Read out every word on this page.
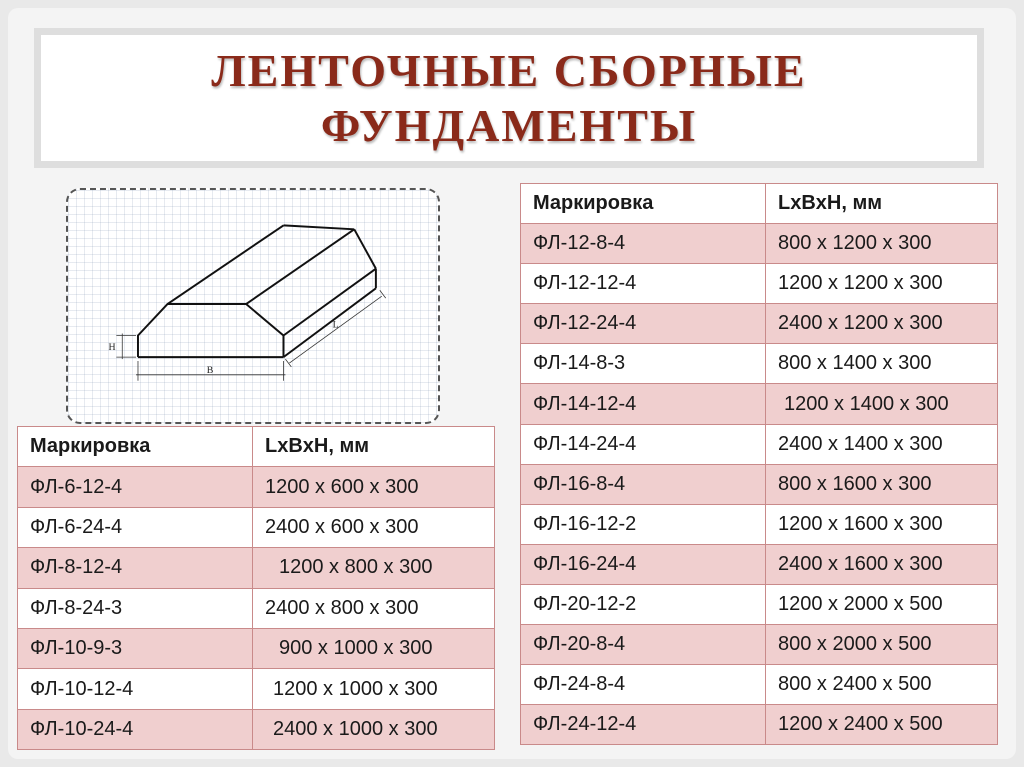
ЛЕНТОЧНЫЕ СБОРНЫЕ
ФУНДАМЕНТЫ
H
B
L
Маркировка	LxBxH, мм
ФЛ-6-12-4	1200 х 600 х 300
ФЛ-6-24-4	2400 х 600 х 300
ФЛ-8-12-4	1200 х 800 х 300
ФЛ-8-24-3	2400 х 800 х 300
ФЛ-10-9-3	900 х 1000 х 300
ФЛ-10-12-4	1200 х 1000 х 300
ФЛ-10-24-4	2400 х 1000 х 300
Маркировка	LxBxH, мм
ФЛ-12-8-4	800 х 1200 х 300
ФЛ-12-12-4	1200 х 1200 х 300
ФЛ-12-24-4	2400 х 1200 х 300
ФЛ-14-8-3	800 х 1400 х 300
ФЛ-14-12-4	1200 х 1400 х 300
ФЛ-14-24-4	2400 х 1400 х 300
ФЛ-16-8-4	800 х 1600 х 300
ФЛ-16-12-2	1200 х 1600 х 300
ФЛ-16-24-4	2400 х 1600 х 300
ФЛ-20-12-2	1200 х 2000 х 500
ФЛ-20-8-4	800 х 2000 х 500
ФЛ-24-8-4	800 х 2400 х 500
ФЛ-24-12-4	1200 х 2400 х 500
